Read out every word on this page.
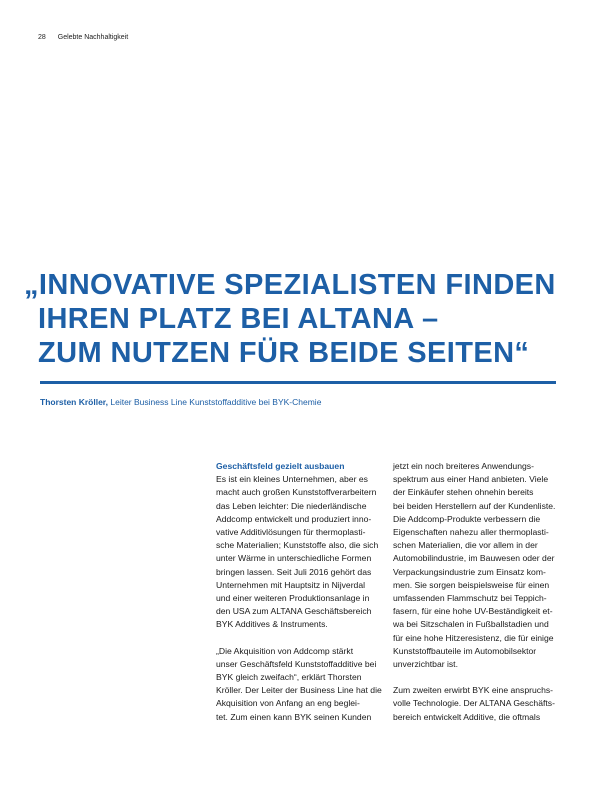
28 Gelebte Nachhaltigkeit
„INNOVATIVE SPEZIALISTEN FINDEN
IHREN PLATZ BEI ALTANA –
ZUM NUTZEN FÜR BEIDE SEITEN“
Thorsten Kröller, Leiter Business Line Kunststoffadditive bei BYK-Chemie
Geschäftsfeld gezielt ausbauen
Es ist ein kleines Unternehmen, aber es
macht auch großen Kunststoffverarbeitern
das Leben leichter: Die niederländische
Addcomp entwickelt und produziert inno-
vative Additivlösungen für thermoplasti-
sche Materialien; Kunststoffe also, die sich
unter Wärme in unterschiedliche Formen
bringen lassen. Seit Juli 2016 gehört das
Unternehmen mit Hauptsitz in Nijverdal
und einer weiteren Produktionsanlage in
den USA zum ALTANA Geschäftsbereich
BYK Additives & Instruments.
„Die Akquisition von Addcomp stärkt
unser Geschäftsfeld Kunststoffadditive bei
BYK gleich zweifach“, erklärt Thorsten
Kröller. Der Leiter der Business Line hat die
Akquisition von Anfang an eng beglei-
tet. Zum einen kann BYK seinen Kunden
jetzt ein noch breiteres Anwendungs-
spektrum aus einer Hand anbieten. Viele
der Einkäufer stehen ohnehin bereits
bei beiden Herstellern auf der Kundenliste.
Die Addcomp-Produkte verbessern die
Eigenschaften nahezu aller thermoplasti-
schen Materialien, die vor allem in der
Automobilindustrie, im Bauwesen oder der
Verpackungsindustrie zum Einsatz kom-
men. Sie sorgen beispielsweise für einen
umfassenden Flammschutz bei Teppich-
fasern, für eine hohe UV-Beständigkeit et-
wa bei Sitzschalen in Fußballstadien und
für eine hohe Hitzeresistenz, die für einige
Kunststoffbauteile im Automobilsektor
unverzichtbar ist.
Zum zweiten erwirbt BYK eine anspruchs-
volle Technologie. Der ALTANA Geschäfts-
bereich entwickelt Additive, die oftmals
